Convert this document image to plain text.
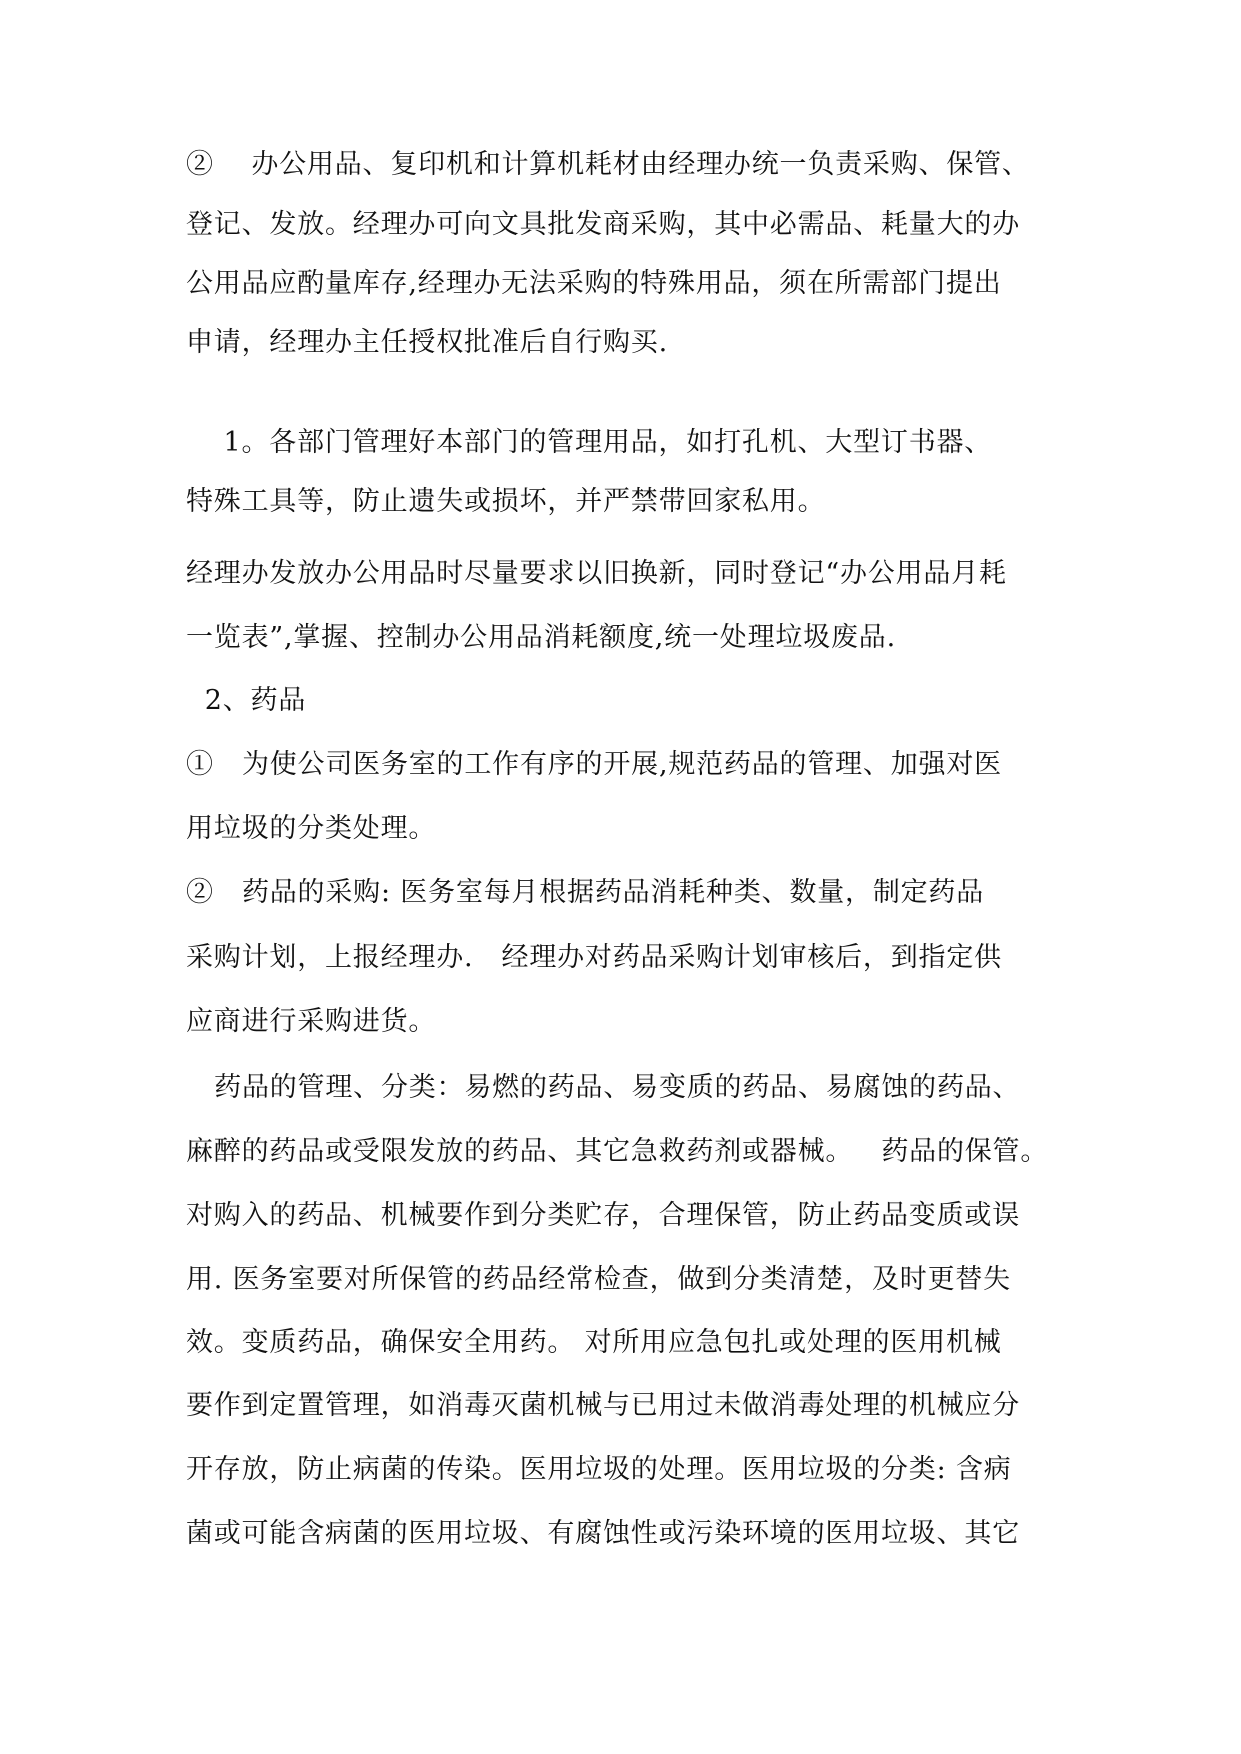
②    办公用品、复印机和计算机耗材由经理办统一负责采购、保管、

登记、发放。经理办可向文具批发商采购，其中必需品、耗量大的办

公用品应酌量库存,经理办无法采购的特殊用品，须在所需部门提出

申请，经理办主任授权批准后自行购买.

1。各部门管理好本部门的管理用品，如打孔机、大型订书器、

特殊工具等，防止遗失或损坏，并严禁带回家私用。

经理办发放办公用品时尽量要求以旧换新，同时登记“办公用品月耗

一览表”,掌握、控制办公用品消耗额度,统一处理垃圾废品.

2、药品

①   为使公司医务室的工作有序的开展,规范药品的管理、加强对医

用垃圾的分类处理。

②   药品的采购: 医务室每月根据药品消耗种类、数量，制定药品

采购计划，上报经理办.   经理办对药品采购计划审核后，到指定供

应商进行采购进货。

药品的管理、分类：易燃的药品、易变质的药品、易腐蚀的药品、

麻醉的药品或受限发放的药品、其它急救药剂或器械。   药品的保管。

对购入的药品、机械要作到分类贮存，合理保管，防止药品变质或误

用. 医务室要对所保管的药品经常检查，做到分类清楚，及时更替失

效。变质药品，确保安全用药。 对所用应急包扎或处理的医用机械

要作到定置管理，如消毒灭菌机械与已用过未做消毒处理的机械应分

开存放，防止病菌的传染。医用垃圾的处理。医用垃圾的分类: 含病

菌或可能含病菌的医用垃圾、有腐蚀性或污染环境的医用垃圾、其它
